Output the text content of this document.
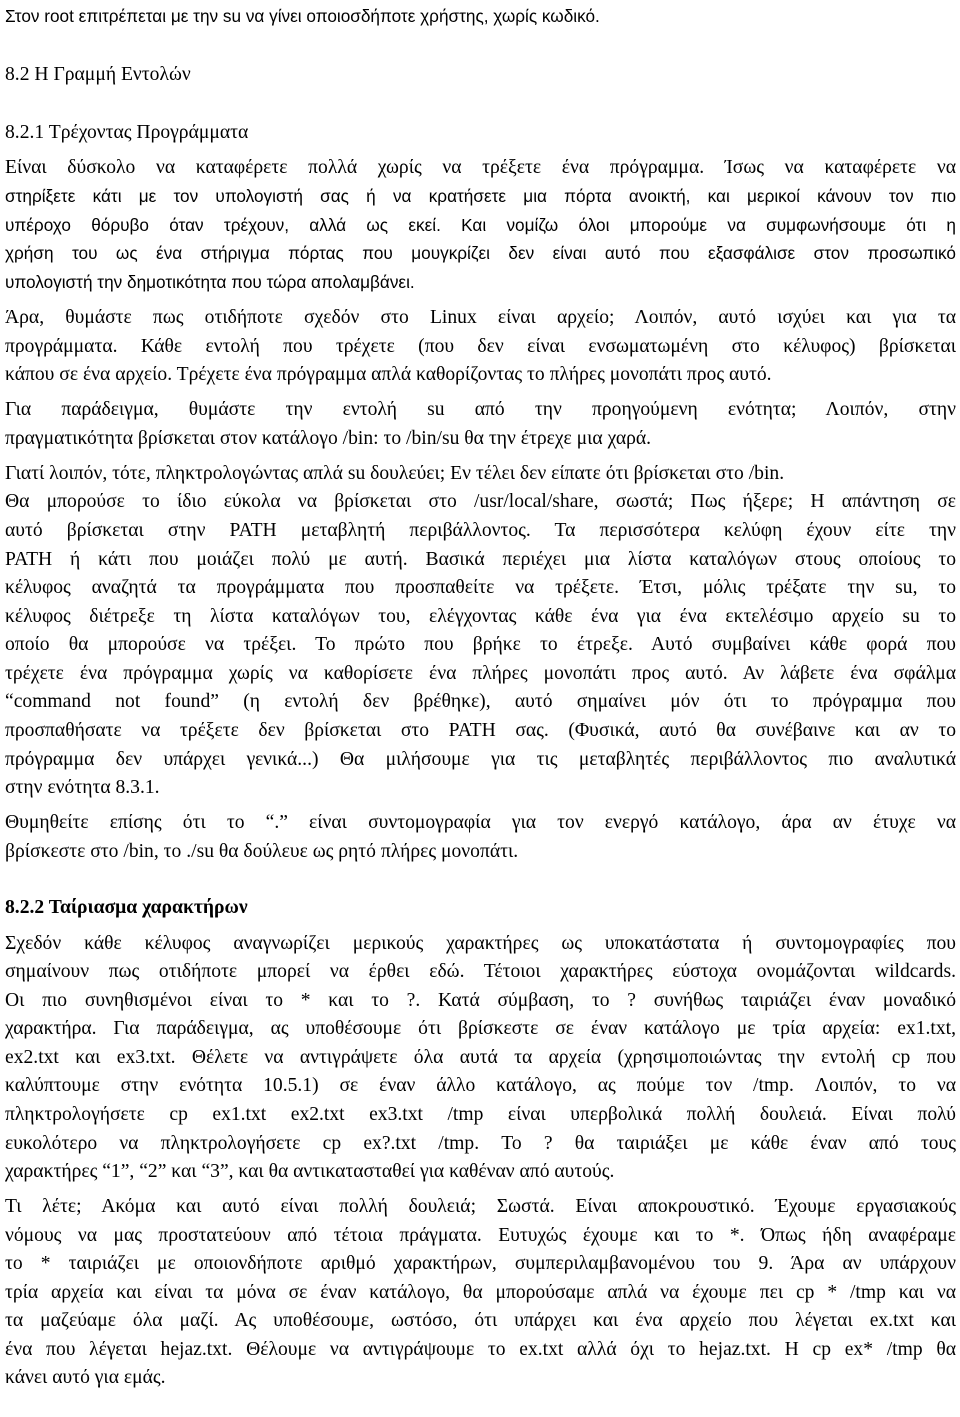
Στον root επιτρέπεται με την su να γίνει οποιοσδήποτε χρήστης, χωρίς κωδικό.
8.2 Η Γραμμή Εντολών
8.2.1 Τρέχοντας Προγράμματα
Είναι δύσκολο να καταφέρετε πολλά χωρίς να τρέξετε ένα πρόγραμμα. Ίσως να καταφέρετε να
στηρίξετε κάτι με τον υπολογιστή σας ή να κρατήσετε μια πόρτα ανοικτή, και μερικοί κάνουν τον πιο
υπέροχο θόρυβο όταν τρέχουν, αλλά ως εκεί. Και νομίζω όλοι μπορούμε να συμφωνήσουμε ότι η
χρήση του ως ένα στήριγμα πόρτας που μουγκρίζει δεν είναι αυτό που εξασφάλισε στον προσωπικό
υπολογιστή την δημοτικότητα που τώρα απολαμβάνει.
Άρα, θυμάστε πως οτιδήποτε σχεδόν στο Linux είναι αρχείο; Λοιπόν, αυτό ισχύει και για τα
προγράμματα. Κάθε εντολή που τρέχετε (που δεν είναι ενσωματωμένη στο κέλυφος) βρίσκεται
κάπου σε ένα αρχείο. Τρέχετε ένα πρόγραμμα απλά καθορίζοντας το πλήρες μονοπάτι προς αυτό.
Για παράδειγμα, θυμάστε την εντολή su από την προηγούμενη ενότητα; Λοιπόν, στην
πραγματικότητα βρίσκεται στον κατάλογο /bin: το /bin/su θα την έτρεχε μια χαρά.
Γιατί λοιπόν, τότε, πληκτρολογώντας απλά su δουλεύει; Εν τέλει δεν είπατε ότι βρίσκεται στο /bin.
Θα μπορούσε το ίδιο εύκολα να βρίσκεται στο /usr/local/share, σωστά; Πως ήξερε; Η απάντηση σε
αυτό βρίσκεται στην PATH μεταβλητή περιβάλλοντος. Τα περισσότερα κελύφη έχουν είτε την
PATH ή κάτι που μοιάζει πολύ με αυτή. Βασικά περιέχει μια λίστα καταλόγων στους οποίους το
κέλυφος αναζητά τα προγράμματα που προσπαθείτε να τρέξετε. Έτσι, μόλις τρέξατε την su, το
κέλυφος διέτρεξε τη λίστα καταλόγων του, ελέγχοντας κάθε ένα για ένα εκτελέσιμο αρχείο su το
οποίο θα μπορούσε να τρέξει. Το πρώτο που βρήκε το έτρεξε. Αυτό συμβαίνει κάθε φορά που
τρέχετε ένα πρόγραμμα χωρίς να καθορίσετε ένα πλήρες μονοπάτι προς αυτό. Αν λάβετε ένα σφάλμα
“command not found” (η εντολή δεν βρέθηκε), αυτό σημαίνει μόν ότι το πρόγραμμα που
προσπαθήσατε να τρέξετε δεν βρίσκεται στο PATH σας. (Φυσικά, αυτό θα συνέβαινε και αν το
πρόγραμμα δεν υπάρχει γενικά...) Θα μιλήσουμε για τις μεταβλητές περιβάλλοντος πιο αναλυτικά
στην ενότητα 8.3.1.
Θυμηθείτε επίσης ότι το “.” είναι συντομογραφία για τον ενεργό κατάλογο, άρα αν έτυχε να
βρίσκεστε στο /bin, το ./su θα δούλευε ως ρητό πλήρες μονοπάτι.
8.2.2 Ταίριασμα χαρακτήρων
Σχεδόν κάθε κέλυφος αναγνωρίζει μερικούς χαρακτήρες ως υποκατάστατα ή συντομογραφίες που
σημαίνουν πως οτιδήποτε μπορεί να έρθει εδώ. Τέτοιοι χαρακτήρες εύστοχα ονομάζονται wildcards.
Οι πιο συνηθισμένοι είναι το * και το ?. Κατά σύμβαση, το ? συνήθως ταιριάζει έναν μοναδικό
χαρακτήρα. Για παράδειγμα, ας υποθέσουμε ότι βρίσκεστε σε έναν κατάλογο με τρία αρχεία: ex1.txt,
ex2.txt και ex3.txt. Θέλετε να αντιγράψετε όλα αυτά τα αρχεία (χρησιμοποιώντας την εντολή cp που
καλύπτουμε στην ενότητα 10.5.1) σε έναν άλλο κατάλογο, ας πούμε τον /tmp. Λοιπόν, το να
πληκτρολογήσετε cp ex1.txt ex2.txt ex3.txt /tmp είναι υπερβολικά πολλή δουλειά. Είναι πολύ
ευκολότερο να πληκτρολογήσετε cp ex?.txt /tmp. Το ? θα ταιριάξει με κάθε έναν από τους
χαρακτήρες “1”, “2” και “3”, και θα αντικατασταθεί για καθέναν από αυτούς.
Τι λέτε; Ακόμα και αυτό είναι πολλή δουλειά; Σωστά. Είναι αποκρουστικό. Έχουμε εργασιακούς
νόμους να μας προστατεύουν από τέτοια πράγματα. Ευτυχώς έχουμε και το *. Όπως ήδη αναφέραμε
το * ταιριάζει με οποιονδήποτε αριθμό χαρακτήρων, συμπεριλαμβανομένου του 9. Άρα αν υπάρχουν
τρία αρχεία και είναι τα μόνα σε έναν κατάλογο, θα μπορούσαμε απλά να έχουμε πει cp * /tmp και να
τα μαζεύαμε όλα μαζί. Ας υποθέσουμε, ωστόσο, ότι υπάρχει και ένα αρχείο που λέγεται ex.txt και
ένα που λέγεται hejaz.txt. Θέλουμε να αντιγράψουμε το ex.txt αλλά όχι το hejaz.txt. Η cp ex* /tmp θα
κάνει αυτό για εμάς.
